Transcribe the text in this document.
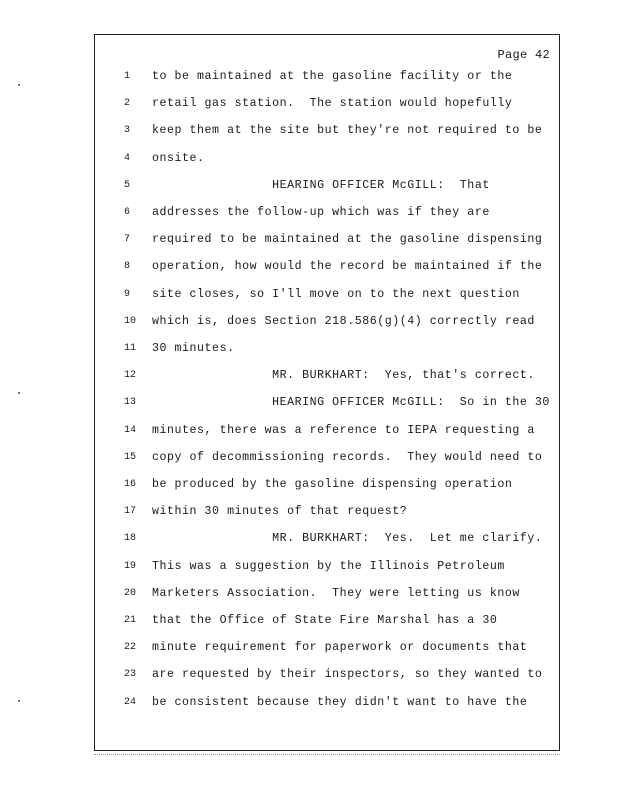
Page 42
1	to be maintained at the gasoline facility or the
2	retail gas station.  The station would hopefully
3	keep them at the site but they're not required to be
4	onsite.
5	HEARING OFFICER McGILL:  That
6	addresses the follow-up which was if they are
7	required to be maintained at the gasoline dispensing
8	operation, how would the record be maintained if the
9	site closes, so I'll move on to the next question
10	which is, does Section 218.586(g)(4) correctly read
11	30 minutes.
12	MR. BURKHART:  Yes, that's correct.
13	HEARING OFFICER McGILL:  So in the 30
14	minutes, there was a reference to IEPA requesting a
15	copy of decommissioning records.  They would need to
16	be produced by the gasoline dispensing operation
17	within 30 minutes of that request?
18	MR. BURKHART:  Yes.  Let me clarify.
19	This was a suggestion by the Illinois Petroleum
20	Marketers Association.  They were letting us know
21	that the Office of State Fire Marshal has a 30
22	minute requirement for paperwork or documents that
23	are requested by their inspectors, so they wanted to
24	be consistent because they didn't want to have the
